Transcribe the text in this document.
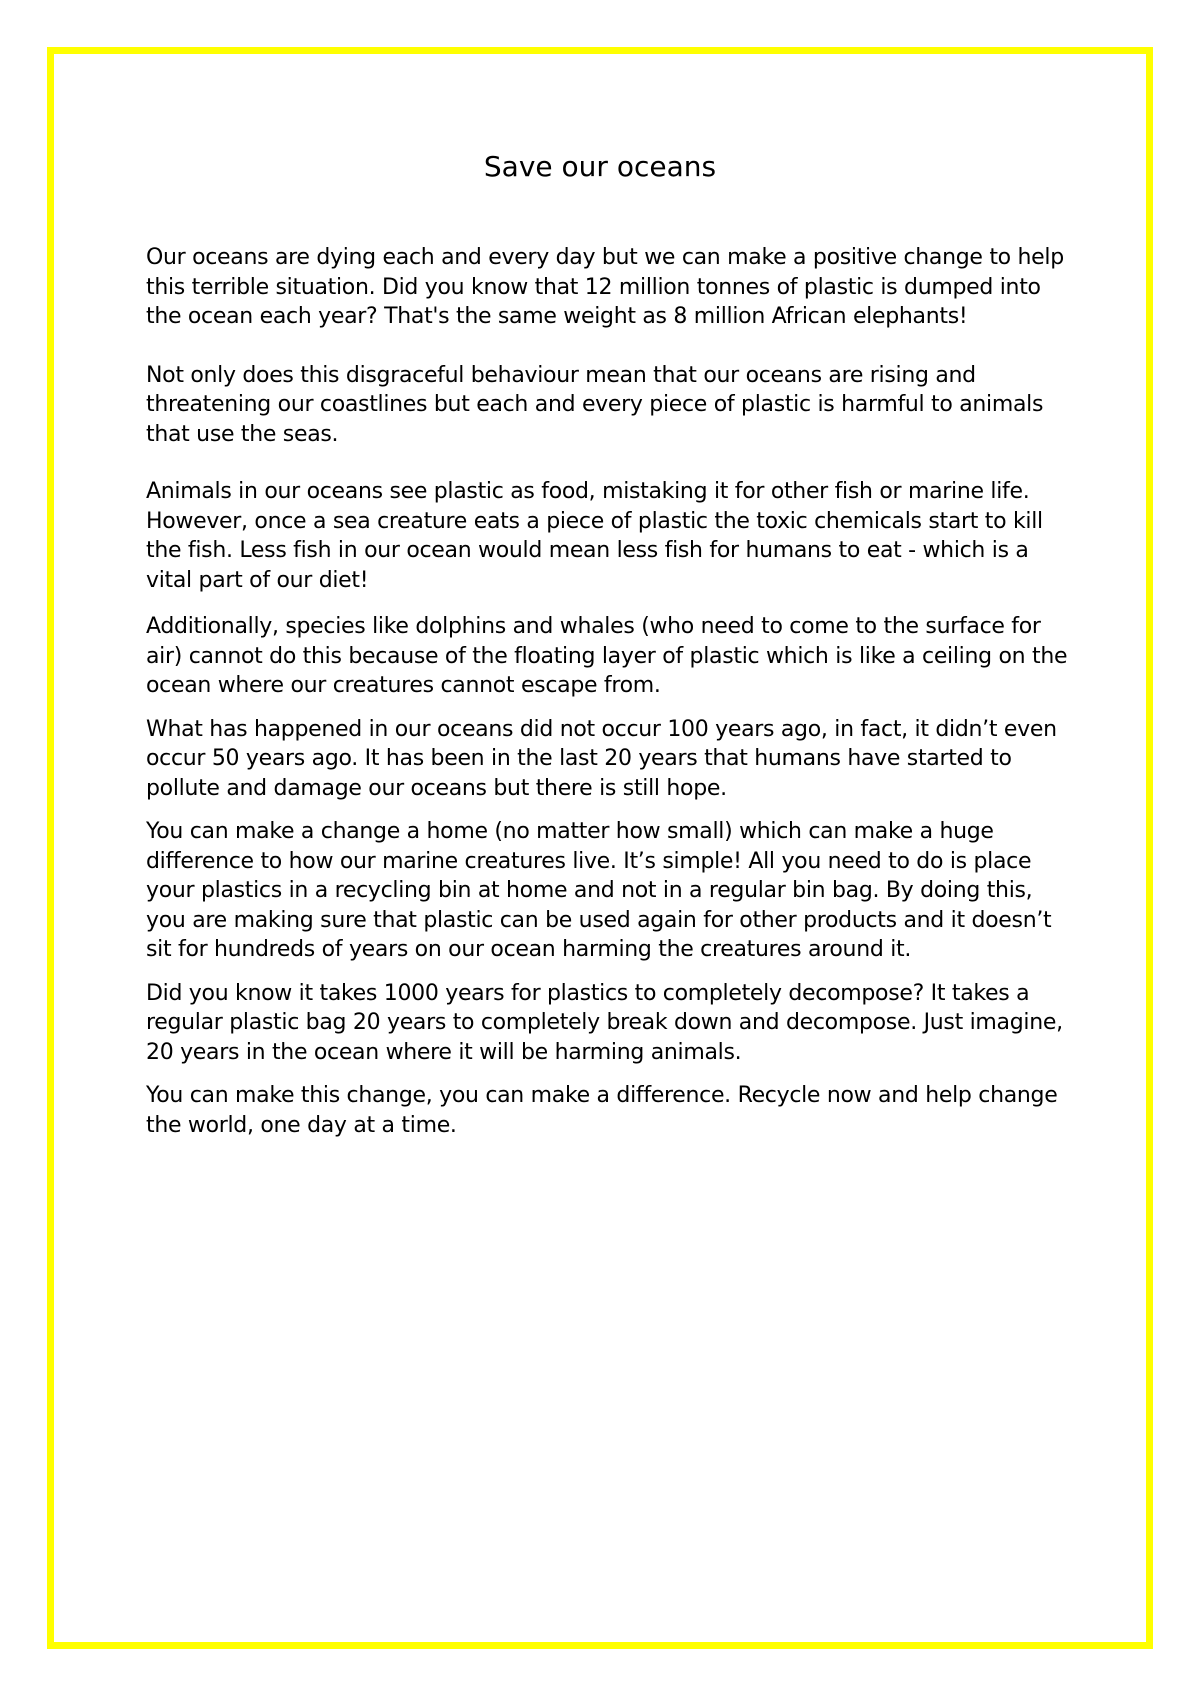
Save our oceans

Our oceans are dying each and every day but we can make a positive change to help this terrible situation. Did you know that 12 million tonnes of plastic is dumped into the ocean each year? That's the same weight as 8 million African elephants!

Not only does this disgraceful behaviour mean that our oceans are rising and threatening our coastlines but each and every piece of plastic is harmful to animals that use the seas.

Animals in our oceans see plastic as food, mistaking it for other fish or marine life. However, once a sea creature eats a piece of plastic the toxic chemicals start to kill the fish. Less fish in our ocean would mean less fish for humans to eat - which is a vital part of our diet!

Additionally, species like dolphins and whales (who need to come to the surface for air) cannot do this because of the floating layer of plastic which is like a ceiling on the ocean where our creatures cannot escape from.

What has happened in our oceans did not occur 100 years ago, in fact, it didn’t even occur 50 years ago. It has been in the last 20 years that humans have started to pollute and damage our oceans but there is still hope.

You can make a change a home (no matter how small) which can make a huge difference to how our marine creatures live. It’s simple! All you need to do is place your plastics in a recycling bin at home and not in a regular bin bag. By doing this, you are making sure that plastic can be used again for other products and it doesn’t sit for hundreds of years on our ocean harming the creatures around it.

Did you know it takes 1000 years for plastics to completely decompose? It takes a regular plastic bag 20 years to completely break down and decompose. Just imagine, 20 years in the ocean where it will be harming animals.

You can make this change, you can make a difference. Recycle now and help change the world, one day at a time.
